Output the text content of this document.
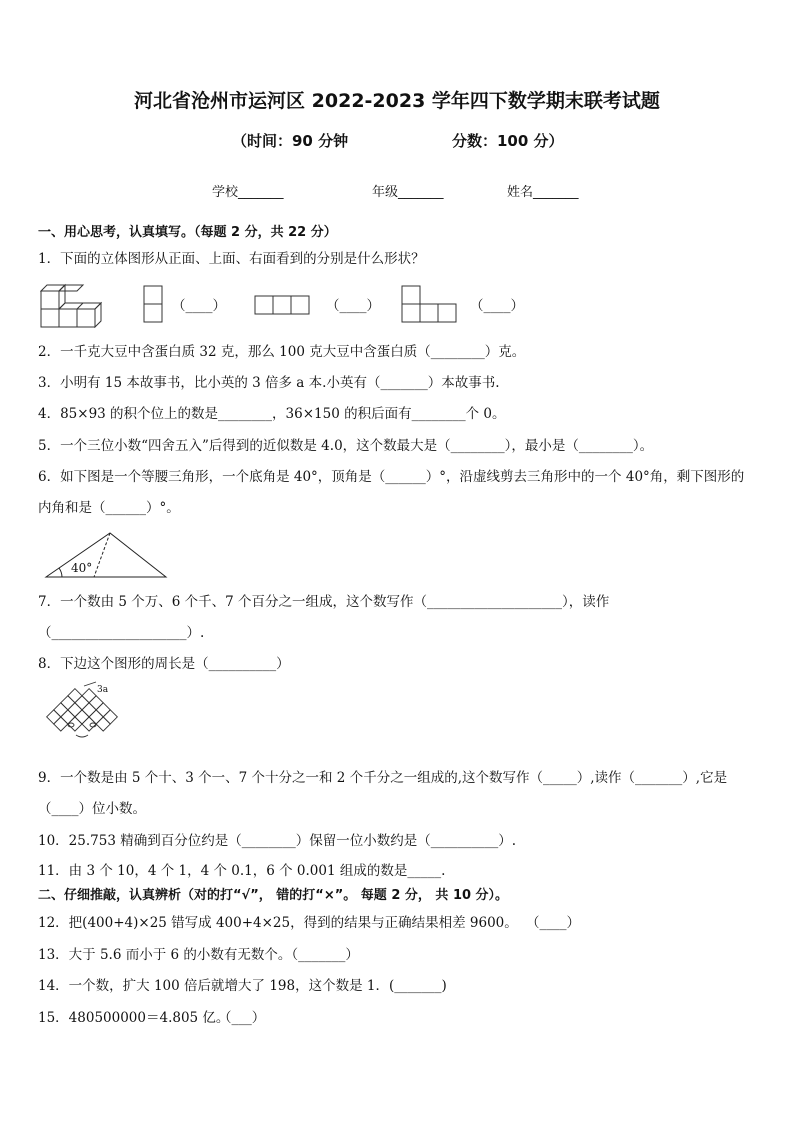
河北省沧州市运河区 2022-2023 学年四下数学期末联考试题
（时间：90 分钟	分数：100 分）
学校_______	年级_______	姓名_______
一、用心思考，认真填写。（每题 2 分，共 22 分）
1．下面的立体图形从正面、上面、右面看到的分别是什么形状？
（____）	（____）	（____）
2．一千克大豆中含蛋白质 32 克，那么 100 克大豆中含蛋白质（________）克。
3．小明有 15 本故事书，比小英的 3 倍多 a 本.小英有（_______）本故事书.
4．85×93 的积个位上的数是________，36×150 的积后面有________个 0。
5．一个三位小数“四舍五入”后得到的近似数是 4.0，这个数最大是（________），最小是（________）。
6．如下图是一个等腰三角形，一个底角是 40°，顶角是（______）°，沿虚线剪去三角形中的一个 40°角，剩下图形的
内角和是（______）°。
40°
7．一个数由 5 个万、6 个千、7 个百分之一组成，这个数写作（____________________），读作
（____________________）.
8．下边这个图形的周长是（__________）
3a
9．一个数是由 5 个十、3 个一、7 个十分之一和 2 个千分之一组成的,这个数写作（_____）,读作（_______）,它是
（____）位小数。
10．25.753 精确到百分位约是（________）保留一位小数约是（__________）.
11．由 3 个 10，4 个 1，4 个 0.1，6 个 0.001 组成的数是_____.
二、仔细推敲，认真辨析（对的打“√”， 错的打“×”。 每题 2 分， 共 10 分）。
12．把(400+4)×25 错写成 400+4×25，得到的结果与正确结果相差 9600。 （____）
13．大于 5.6 而小于 6 的小数有无数个。（_______）
14．一个数，扩大 100 倍后就增大了 198，这个数是 1．(_______)
15．480500000＝4.805 亿。
（___）
